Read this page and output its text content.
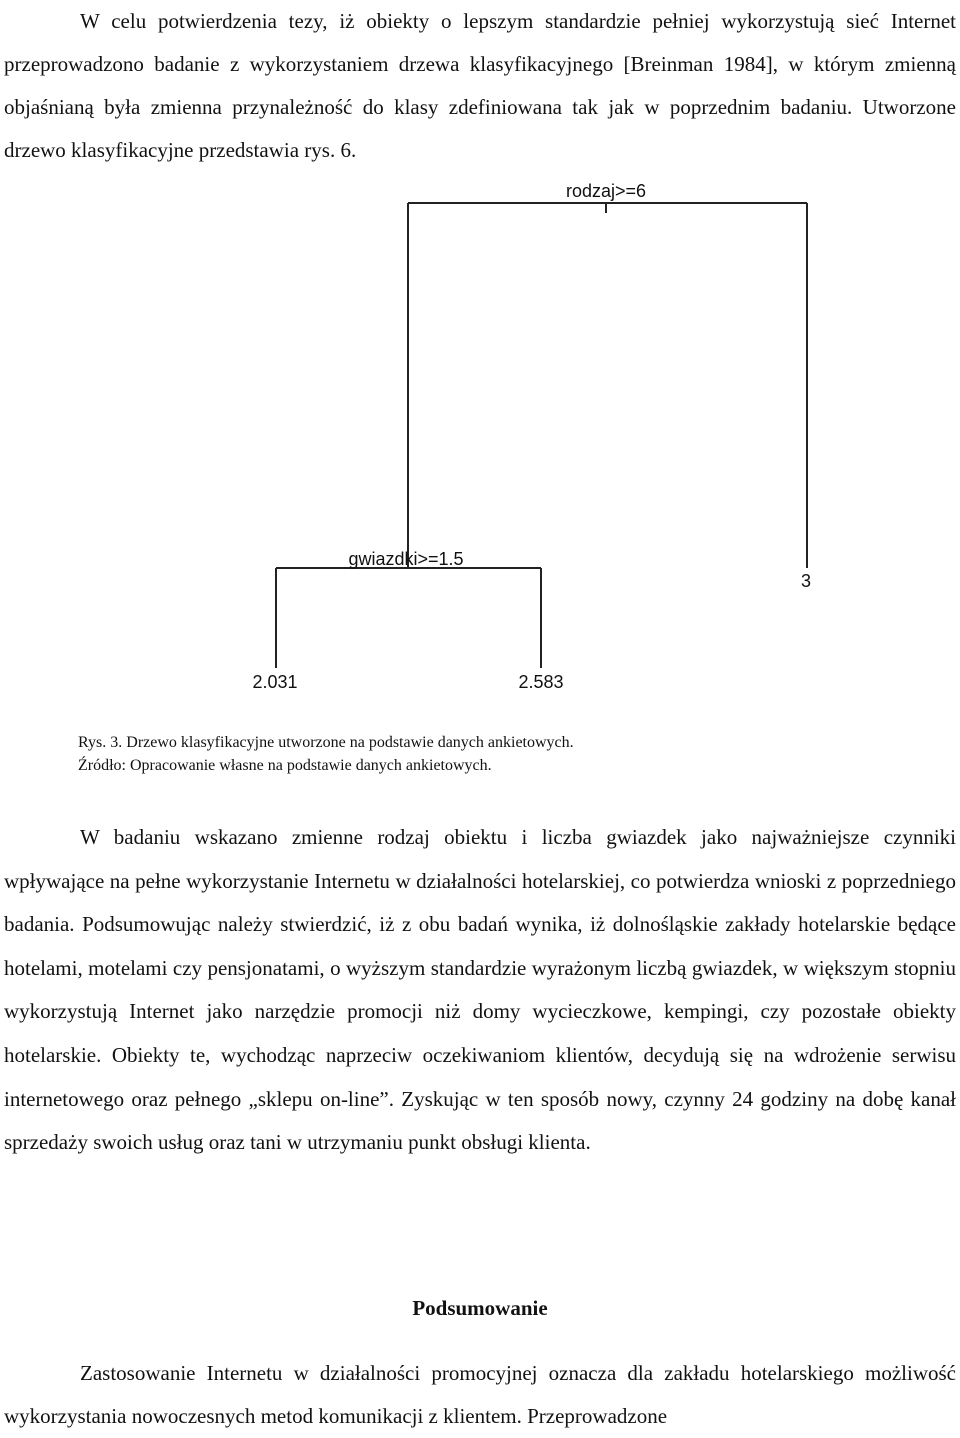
W celu potwierdzenia tezy, iż obiekty o lepszym standardzie pełniej wykorzystują sieć Internet przeprowadzono badanie z wykorzystaniem drzewa klasyfikacyjnego [Breinman 1984], w którym zmienną objaśnianą była zmienna przynależność do klasy zdefiniowana tak jak w poprzednim badaniu. Utworzone drzewo klasyfikacyjne przedstawia rys. 6.

rodzaj>=6
gwiazdki>=1.5
2.031	2.583
3

Rys. 3. Drzewo klasyfikacyjne utworzone na podstawie danych ankietowych.

Źródło: Opracowanie własne na podstawie danych ankietowych.

W badaniu wskazano zmienne rodzaj obiektu i liczba gwiazdek jako najważniejsze czynniki wpływające na pełne wykorzystanie Internetu w działalności hotelarskiej, co potwierdza wnioski z poprzedniego badania. Podsumowując należy stwierdzić, iż z obu badań wynika, iż dolnośląskie zakłady hotelarskie będące hotelami, motelami czy pensjonatami, o wyższym standardzie wyrażonym liczbą gwiazdek, w większym stopniu wykorzystują Internet jako narzędzie promocji niż domy wycieczkowe, kempingi, czy pozostałe obiekty hotelarskie. Obiekty te, wychodząc naprzeciw oczekiwaniom klientów, decydują się na wdrożenie serwisu internetowego oraz pełnego „sklepu on-line”. Zyskując w ten sposób nowy, czynny 24 godziny na dobę kanał sprzedaży swoich usług oraz tani w utrzymaniu punkt obsługi klienta.

Podsumowanie

Zastosowanie Internetu w działalności promocyjnej oznacza dla zakładu hotelarskiego możliwość wykorzystania nowoczesnych metod komunikacji z klientem. Przeprowadzone
